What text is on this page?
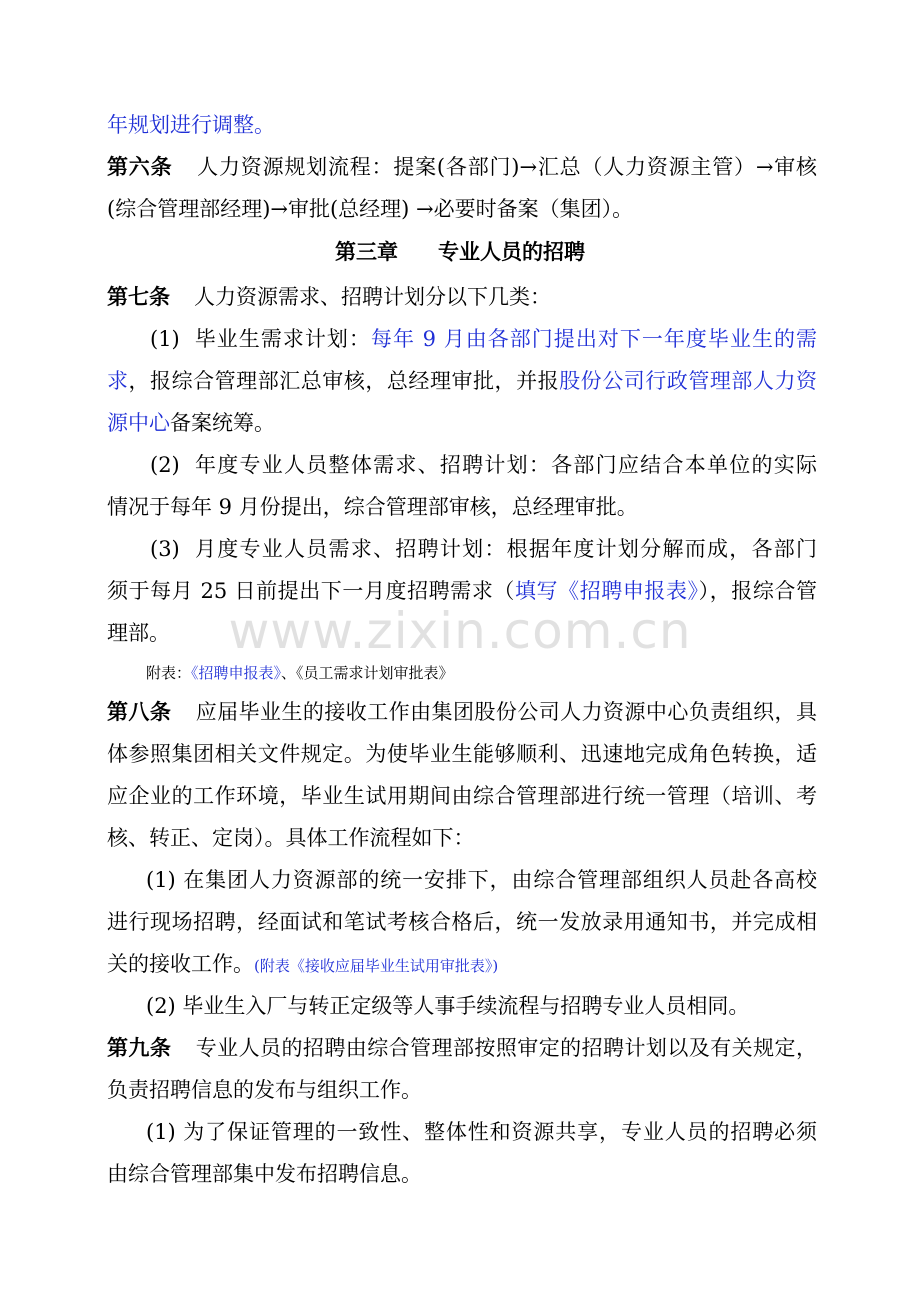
年规划进行调整。
第六条 人力资源规划流程：提案(各部门)→汇总（人力资源主管）→审核
(综合管理部经理)→审批(总经理) →必要时备案（集团）。
第三章 专业人员的招聘
第七条 人力资源需求、招聘计划分以下几类：
(1) 毕业生需求计划：每年 9 月由各部门提出对下一年度毕业生的需
求，报综合管理部汇总审核，总经理审批，并报股份公司行政管理部人力资
源中心备案统筹。
(2) 年度专业人员整体需求、招聘计划：各部门应结合本单位的实际
情况于每年 9 月份提出，综合管理部审核，总经理审批。
(3) 月度专业人员需求、招聘计划：根据年度计划分解而成，各部门
须于每月 25 日前提出下一月度招聘需求（填写《招聘申报表》），报综合管
理部。
附表：《招聘申报表》、《员工需求计划审批表》
第八条 应届毕业生的接收工作由集团股份公司人力资源中心负责组织，具
体参照集团相关文件规定。为使毕业生能够顺利、迅速地完成角色转换，适
应企业的工作环境，毕业生试用期间由综合管理部进行统一管理（培训、考
核、转正、定岗）。具体工作流程如下：
(1) 在集团人力资源部的统一安排下，由综合管理部组织人员赴各高校
进行现场招聘，经面试和笔试考核合格后，统一发放录用通知书，并完成相
关的接收工作。(附表《接收应届毕业生试用审批表》)
(2) 毕业生入厂与转正定级等人事手续流程与招聘专业人员相同。
第九条 专业人员的招聘由综合管理部按照审定的招聘计划以及有关规定，
负责招聘信息的发布与组织工作。
(1) 为了保证管理的一致性、整体性和资源共享，专业人员的招聘必须
由综合管理部集中发布招聘信息。
www.zixin.com.cn
